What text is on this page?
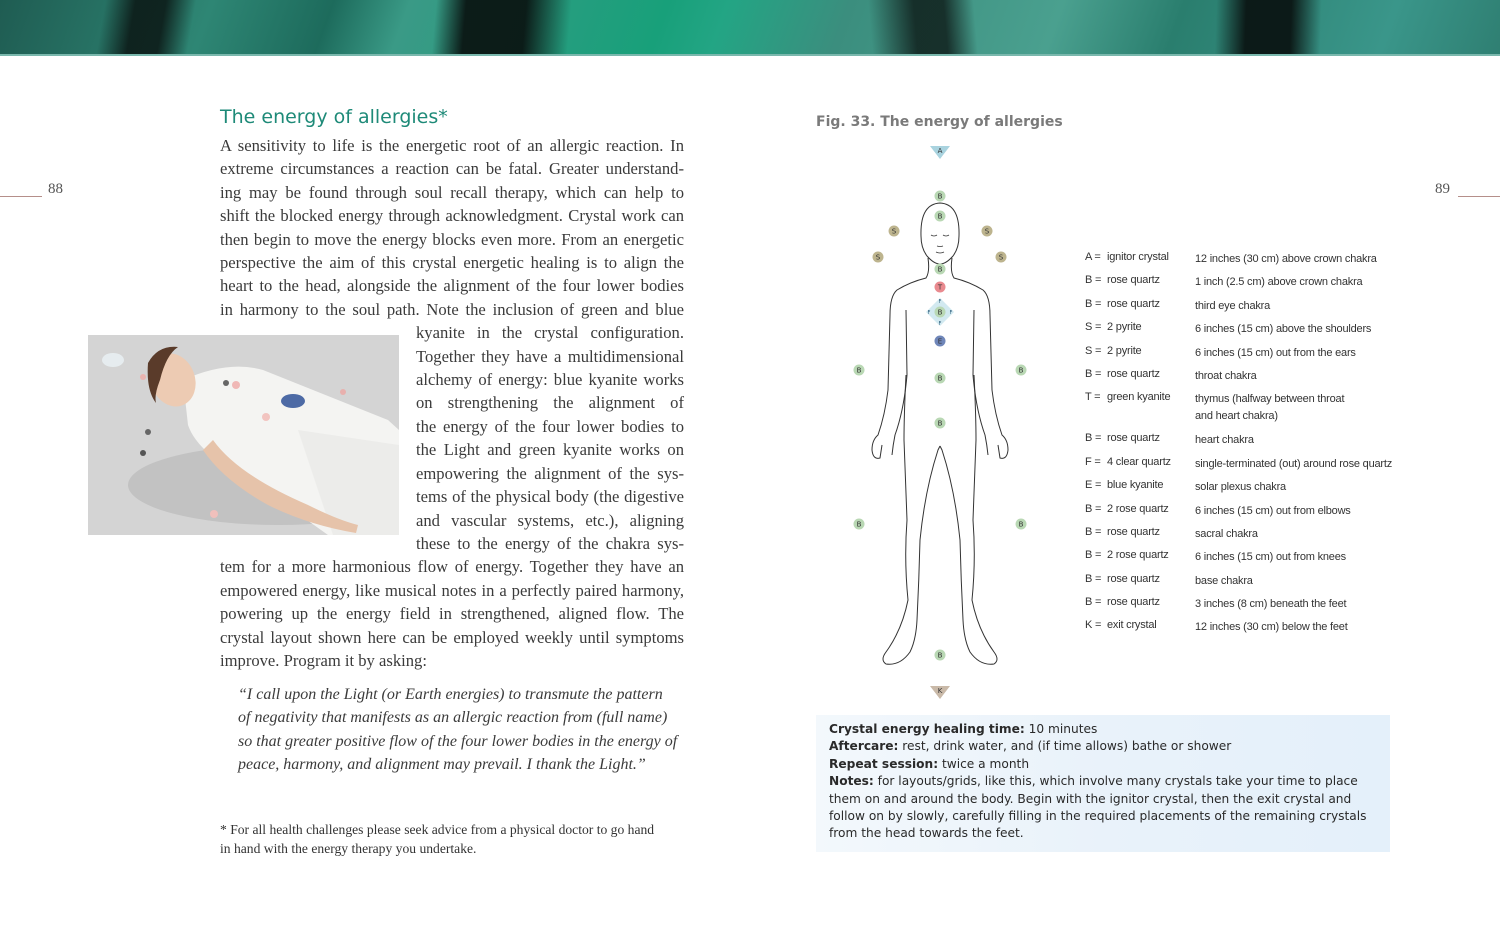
88	89
The energy of allergies*
A sensitivity to life is the energetic root of an allergic reaction. In
extreme circumstances a reaction can be fatal. Greater understand-
ing may be found through soul recall therapy, which can help to
shift the blocked energy through acknowledgment. Crystal work can
then begin to move the energy blocks even more. From an energetic
perspective the aim of this crystal energetic healing is to align the
heart to the head, alongside the alignment of the four lower bodies
in harmony to the soul path. Note the inclusion of green and blue
kyanite in the crystal configuration.
Together they have a multidimensional
alchemy of energy: blue kyanite works
on strengthening the alignment of
the energy of the four lower bodies to
the Light and green kyanite works on
empowering the alignment of the sys-
tems of the physical body (the digestive
and vascular systems, etc.), aligning
these to the energy of the chakra sys-
tem for a more harmonious flow of energy. Together they have an
empowered energy, like musical notes in a perfectly paired harmony,
powering up the energy field in strengthened, aligned flow. The
crystal layout shown here can be employed weekly until symptoms
improve. Program it by asking:
“I call upon the Light (or Earth energies) to transmute the pattern
of negativity that manifests as an allergic reaction from (full name)
so that greater positive flow of the four lower bodies in the energy of
peace, harmony, and alignment may prevail. I thank the Light.”
* For all health challenges please seek advice from a physical doctor to go hand
in hand with the energy therapy you undertake.
Fig. 33. The energy of allergies
F
F
F
F
B
B
S	S
S	S
B
T
B
E
B	B
B
B
B	B
B
A
K
A = ignitor crystal	12 inches (30 cm) above crown chakra
B = rose quartz	1 inch (2.5 cm) above crown chakra
B = rose quartz	third eye chakra
S = 2 pyrite	6 inches (15 cm) above the shoulders
S = 2 pyrite	6 inches (15 cm) out from the ears
B = rose quartz	throat chakra
T = green kyanite	thymus (halfway between throat and heart chakra)
B = rose quartz	heart chakra
F = 4 clear quartz	single-terminated (out) around rose quartz
E = blue kyanite	solar plexus chakra
B = 2 rose quartz	6 inches (15 cm) out from elbows
B = rose quartz	sacral chakra
B = 2 rose quartz	6 inches (15 cm) out from knees
B = rose quartz	base chakra
B = rose quartz	3 inches (8 cm) beneath the feet
K = exit crystal	12 inches (30 cm) below the feet
Crystal energy healing time: 10 minutes
Aftercare: rest, drink water, and (if time allows) bathe or shower
Repeat session: twice a month
Notes: for layouts/grids, like this, which involve many crystals take your time to place them on and around the body. Begin with the ignitor crystal, then the exit crystal and follow on by slowly, carefully filling in the required placements of the remaining crystals from the head towards the feet.
